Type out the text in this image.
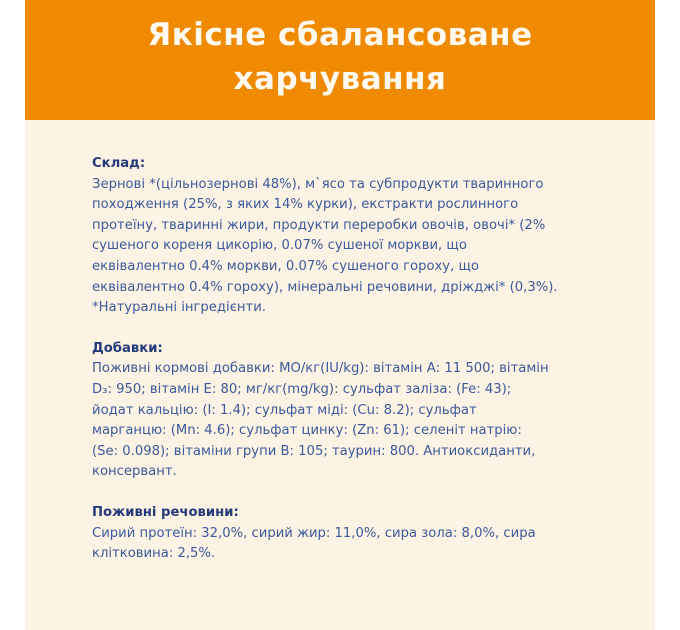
Якісне сбалансоване
харчування
Склад:
Зернові *(цільнозернові 48%), м`ясо та субпродукти тваринного
походження (25%, з яких 14% курки), екстракти рослинного
протеїну, тваринні жири, продукти переробки овочів, овочі* (2%
сушеного кореня цикорію, 0.07% сушеної моркви, що
еквівалентно 0.4% моркви, 0.07% сушеного гороху, що
еквівалентно 0.4% гороху), мінеральні речовини, дріжджі* (0,3%).
*Натуральні інгредієнти.
Добавки:
Поживні кормові добавки: МО/кг(IU/kg): вітамін А: 11 500; вітамін
D₃: 950; вітамін Е: 80; мг/кг(mg/kg): сульфат заліза: (Fe: 43);
йодат кальцію: (I: 1.4); сульфат міді: (Cu: 8.2); сульфат
марганцю: (Mn: 4.6); сульфат цинку: (Zn: 61); селеніт натрію:
(Se: 0.098); вітаміни групи В: 105; таурин: 800. Антиоксиданти,
консервант.
Поживні речовини:
Сирий протеїн: 32,0%, сирий жир: 11,0%, сира зола: 8,0%, сира
клітковина: 2,5%.
